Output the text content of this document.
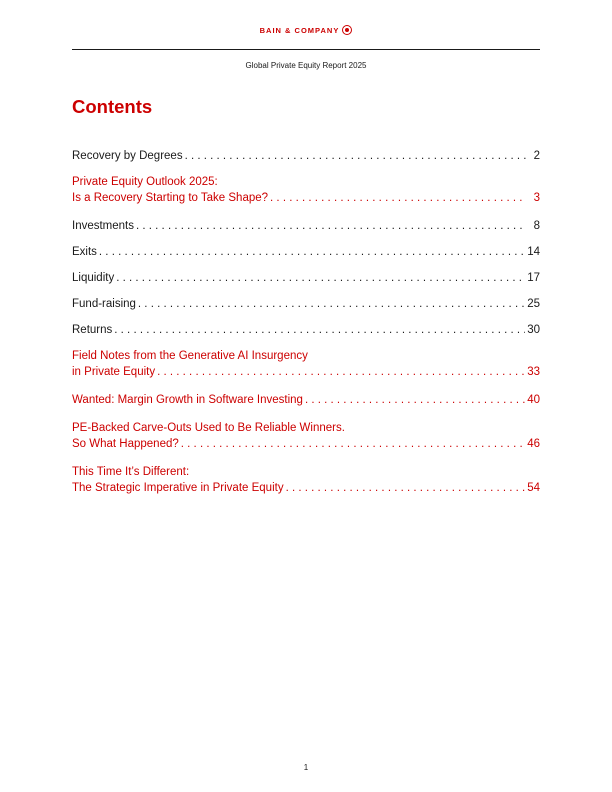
BAIN & COMPANY
Global Private Equity Report 2025
Contents
Recovery by Degrees . . .	2
Private Equity Outlook 2025:
Is a Recovery Starting to Take Shape? . . .	3
Investments . . .	8
Exits . . .	14
Liquidity . . .	17
Fund-raising . . .	25
Returns . . .	30
Field Notes from the Generative AI Insurgency
in Private Equity . . .	33
Wanted: Margin Growth in Software Investing . . .	40
PE-Backed Carve-Outs Used to Be Reliable Winners.
So What Happened? . . .	46
This Time It’s Different:
The Strategic Imperative in Private Equity . . .	54
1
